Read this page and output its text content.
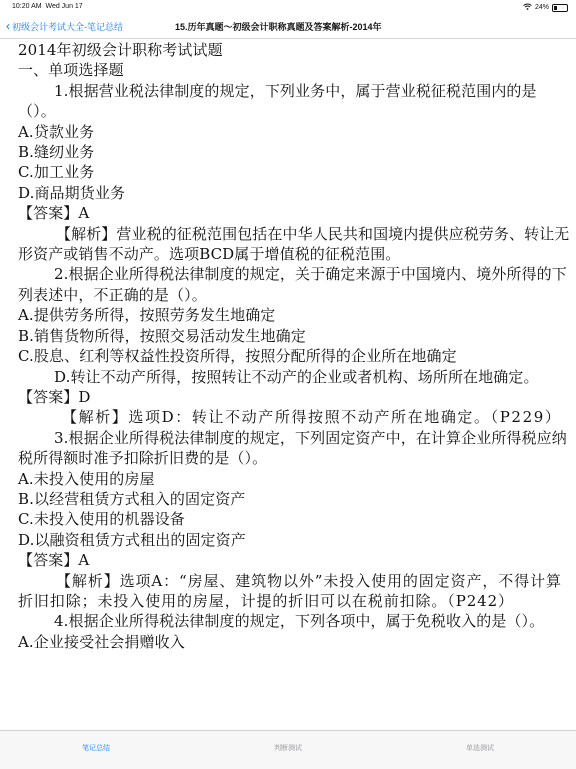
10:20 AM Wed Jun 17	24%
‹ 初级会计考试大全-笔记总结	15.历年真题～初级会计职称真题及答案解析-2014年

2014年初级会计职称考试试题

一、单项选择题

1.根据营业税法律制度的规定，下列业务中，属于营业税征税范围内的是（）。

A.贷款业务

B.缝纫业务

C.加工业务

D.商品期货业务

【答案】A

【解析】营业税的征税范围包括在中华人民共和国境内提供应税劳务、转让无形资产或销售不动产。选项BCD属于增值税的征税范围。

2.根据企业所得税法律制度的规定，关于确定来源于中国境内、境外所得的下列表述中，不正确的是（）。

A.提供劳务所得，按照劳务发生地确定

B.销售货物所得，按照交易活动发生地确定

C.股息、红利等权益性投资所得，按照分配所得的企业所在地确定

D.转让不动产所得，按照转让不动产的企业或者机构、场所所在地确定。

【答案】D

【解析】选项D：转让不动产所得按照不动产所在地确定。（P229）

3.根据企业所得税法律制度的规定，下列固定资产中，在计算企业所得税应纳税所得额时准予扣除折旧费的是（）。

A.未投入使用的房屋

B.以经营租赁方式租入的固定资产

C.未投入使用的机器设备

D.以融资租赁方式租出的固定资产

【答案】A

【解析】选项A：“房屋、建筑物以外”未投入使用的固定资产，不得计算折旧扣除；未投入使用的房屋，计提的折旧可以在税前扣除。（P242）

4.根据企业所得税法律制度的规定，下列各项中，属于免税收入的是（）。

A.企业接受社会捐赠收入

笔记总结	判断测试	单选测试
